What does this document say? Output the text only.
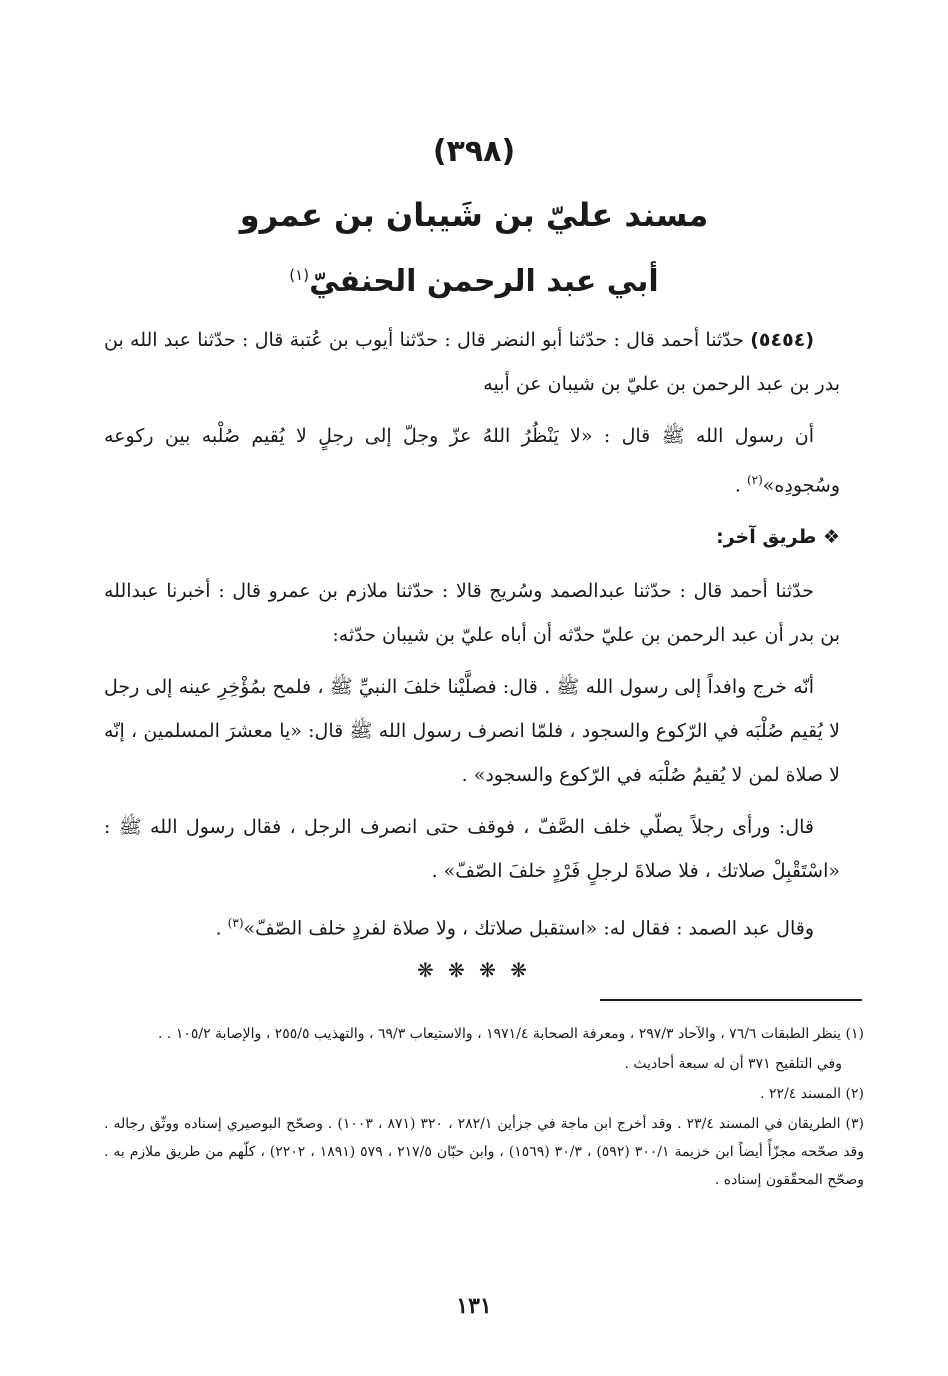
(٣٩٨)
مسند عليّ بن شَيبان بن عمرو
أبي عبد الرحمن الحنفيّ$^{(١)}$

(٥٤٥٤) حدّثنا أحمد قال : حدّثنا أبو النضر قال : حدّثنا أيوب بن عُتبة قال : حدّثنا عبد الله بن بدر بن عبد الرحمن بن عليّ بن شيبان عن أبيه

أن رسول الله ﷺ قال : «لا يَنْظُرُ اللهُ عزّ وجلّ إلى رجلٍ لا يُقيم صُلْبه بين ركوعه وسُجودِه»$^{(٢)}$ .

❖ طريق آخر:

حدّثنا أحمد قال : حدّثنا عبدالصمد وسُريج قالا : حدّثنا ملازم بن عمرو قال : أخبرنا عبدالله بن بدر أن عبد الرحمن بن عليّ حدّثه أن أباه عليّ بن شيبان حدّثه:

أنّه خرج وافداً إلى رسول الله ﷺ . قال: فصلَّيْنا خلفَ النبيِّ ﷺ ، فلمح بمُؤْخِرِ عينه إلى رجل لا يُقيم صُلْبَه في الرّكوع والسجود ، فلمّا انصرف رسول الله ﷺ قال: «يا معشرَ المسلمين ، إنّه لا صلاة لمن لا يُقيمُ صُلْبَه في الرّكوع والسجود» .

قال: ورأى رجلاً يصلّي خلف الصَّفّ ، فوقف حتى انصرف الرجل ، فقال رسول الله ﷺ : «اسْتَقْبِلْ صلاتك ، فلا صلاةَ لرجلٍ فَرْدٍ خلفَ الصّفّ» .

وقال عبد الصمد : فقال له: «استقبل صلاتك ، ولا صلاة لفردٍ خلف الصّفّ»$^{(٣)}$ .

❋ ❋ ❋ ❋

(١) ينظر الطبقات ٧٦/٦ ، والآحاد ٢٩٧/٣ ، ومعرفة الصحابة ١٩٧١/٤ ، والاستيعاب ٦٩/٣ ، والتهذيب ٢٥٥/٥ ، والإصابة ١٠٥/٢ . .

وفي التلقيح ٣٧١ أن له سبعة أحاديث .

(٢) المسند ٢٢/٤ .

(٣) الطريقان في المسند ٢٣/٤ . وقد أخرج ابن ماجة في جزأين ٢٨٢/١ ، ٣٢٠ (٨٧١ ، ١٠٠٣) . وصحّح البوصيري إسناده ووثّق رجاله . وقد صحّحه مجزّأً أيضاً ابن خزيمة ٣٠٠/١ (٥٩٢) ، ٣٠/٣ (١٥٦٩) ، وابن حبّان ٢١٧/٥ ، ٥٧٩ (١٨٩١ ، ٢٢٠٢) ، كلّهم من طريق ملازم به . وصحّح المحقّقون إسناده .

١٣١
